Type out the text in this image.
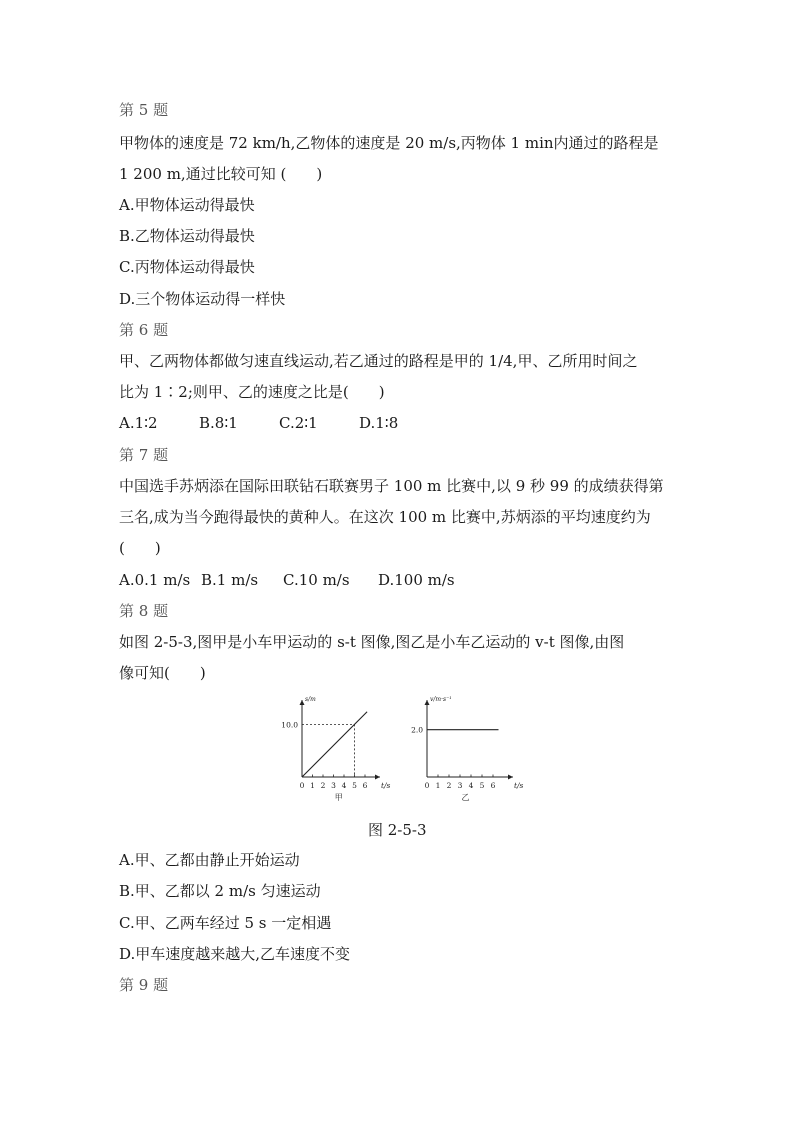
第 5 题
甲物体的速度是 72 km/h,乙物体的速度是 20 m/s,丙物体 1 min内通过的路程是
1 200 m,通过比较可知 (　　)
A.甲物体运动得最快
B.乙物体运动得最快
C.丙物体运动得最快
D.三个物体运动得一样快
第 6 题
甲、乙两物体都做匀速直线运动,若乙通过的路程是甲的 1/4,甲、乙所用时间之
比为 1∶2;则甲、乙的速度之比是(　　)
A.1∶2	B.8∶1	C.2∶1	D.1∶8
第 7 题
中国选手苏炳添在国际田联钻石联赛男子 100 m 比赛中,以 9 秒 99 的成绩获得第
三名,成为当今跑得最快的黄种人。在这次 100 m 比赛中,苏炳添的平均速度约为
(　　)
A.0.1 m/s B.1 m/s C.10 m/s D.100 m/s
第 8 题
如图 2-5-3,图甲是小车甲运动的 s-t 图像,图乙是小车乙运动的 v-t 图像,由图
像可知(　　)
t/s
s/m
0 1 2 3 4 5 6
10.0
甲
t/s
v/m·s⁻¹
0 1 2 3 4 5 6
2.0
乙
图 2-5-3
A.甲、乙都由静止开始运动
B.甲、乙都以 2 m/s 匀速运动
C.甲、乙两车经过 5 s 一定相遇
D.甲车速度越来越大,乙车速度不变
第 9 题
